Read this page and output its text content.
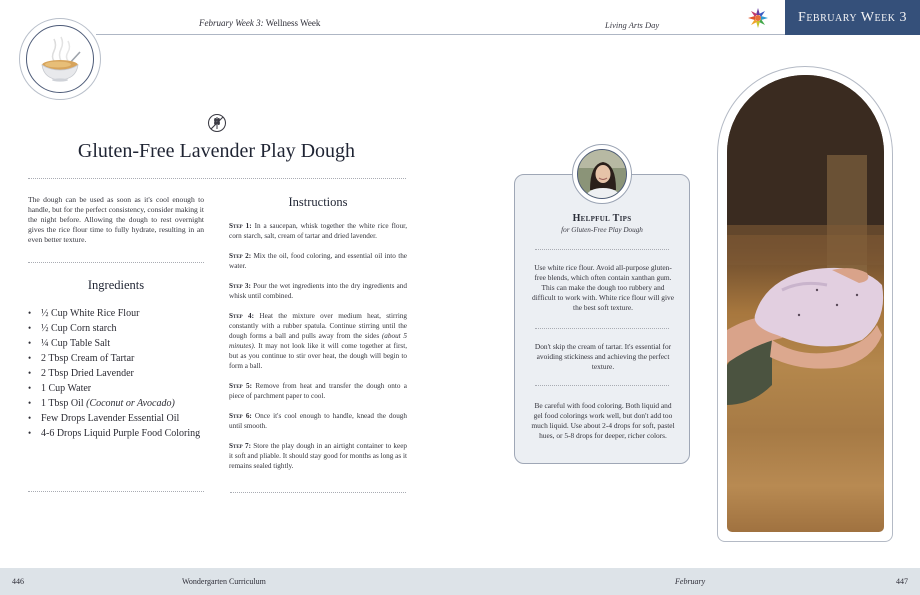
February Week 3: Wellness Week	Living Arts Day
February Week 3
Gluten-Free Lavender Play Dough

The dough can be used as soon as it's cool enough to handle, but for the perfect consistency, consider making it the night before. Allowing the dough to rest overnight gives the rice flour time to fully hydrate, resulting in an even better texture.

Ingredients
• ½ Cup White Rice Flour
• ½ Cup Corn starch
• ¼ Cup Table Salt
• 2 Tbsp Cream of Tartar
• 2 Tbsp Dried Lavender
• 1 Cup Water
• 1 Tbsp Oil (Coconut or Avocado)
• Few Drops Lavender Essential Oil
• 4-6 Drops Liquid Purple Food Coloring
Instructions

Step 1: In a saucepan, whisk together the white rice flour, corn starch, salt, cream of tartar and dried lavender.

Step 2: Mix the oil, food coloring, and essential oil into the water.

Step 3: Pour the wet ingredients into the dry ingredients and whisk until combined.

Step 4: Heat the mixture over medium heat, stirring constantly with a rubber spatula. Continue stirring until the dough forms a ball and pulls away from the sides (about 5 minutes). It may not look like it will come together at first, but as you continue to stir over heat, the dough will begin to form a ball.

Step 5: Remove from heat and transfer the dough onto a piece of parchment paper to cool.

Step 6: Once it's cool enough to handle, knead the dough until smooth.

Step 7: Store the play dough in an airtight container to keep it soft and pliable. It should stay good for months as long as it remains sealed tightly.

Helpful Tips
for Gluten-Free Play Dough

Use white rice flour. Avoid all-purpose gluten-free blends, which often contain xanthan gum. This can make the dough too rubbery and difficult to work with. White rice flour will give the best soft texture.

Don't skip the cream of tartar. It's essential for avoiding stickiness and achieving the perfect texture.

Be careful with food coloring. Both liquid and gel food colorings work well, but don't add too much liquid. Use about 2-4 drops for soft, pastel hues, or 5-8 drops for deeper, richer colors.

446	Wondergarten Curriculum	February	447
